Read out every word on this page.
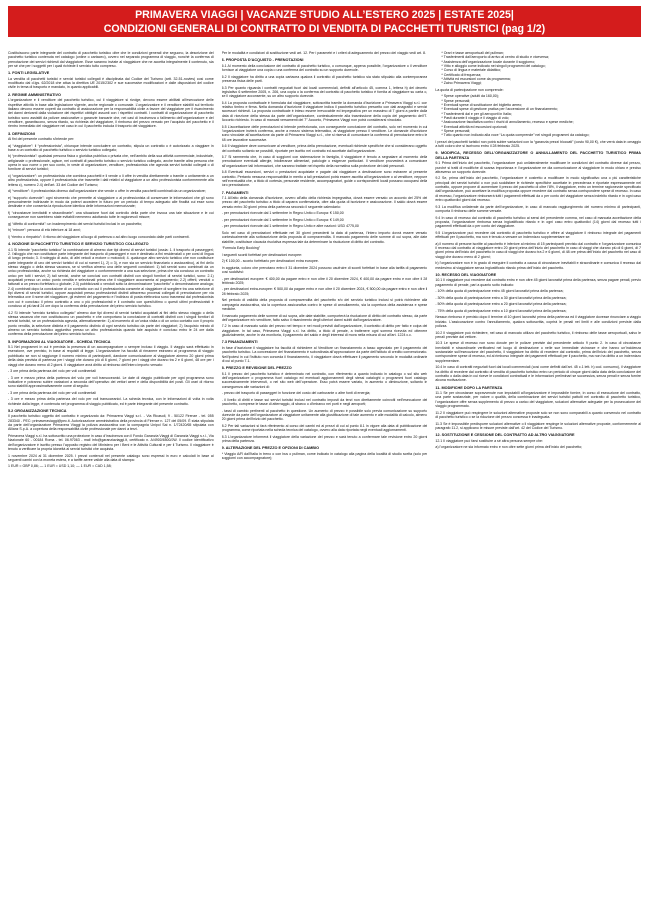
PRIMAVERA VIAGGI | VACANZE STUDIO ALL’ESTERO 2025 | ESTATE 2025|
CONDIZIONI GENERALI DI CONTRATTO DI VENDITA DI PACCHETTI TURISTICI (pag 1/2)

Costituiscono parte integrante del contratto di pacchetto turistico oltre che le condizioni generali che seguono, la descrizione del pacchetto turistico contenuta nel catalogo (online o cartaceo), ovvero nel separato programma di viaggio, nonché la conferma di prenotazione dei servizi richiesti dal viaggiatore. Esse saranno inviate al viaggiatore che ne accetta integralmente il contenuto, sia per sé che per i soggetti per i quali richiede il servizio tutto compreso.

1. FONTI LEGISLATIVE

La vendita di pacchetti turistici e servizi turistici collegati è disciplinata dal Codice del Turismo (artt. 32-51-novies) così come modificato dal d.lgs. 62/2018 che attua la direttiva UE 2015/2302 e sue successive modificazioni e dalle disposizioni del codice civile in tema di trasporto e mandato, in quanto applicabili.

2. REGIME AMMINISTRATIVO

L’organizzatore e il venditore del pacchetto turistico, cui il viaggiatore si rivolge, devono essere abilitati all’esecuzione delle rispettive attività in base alla legislazione vigente, anche regionale o comunale. L’organizzatore e il venditore stabiliti sul territorio italiano devono essere coperti da contratto di assicurazione per la responsabilità civile a favore del viaggiatore per il risarcimento dei danni derivanti dalla violazione dei rispettivi obblighi assunti con i rispettivi contratti. I contratti di organizzazione di pacchetto turistico sono assistiti da polizze assicurative o garanzie bancarie che, nei casi di insolvenza o fallimento dell’organizzatore e del venditore, garantiscono, senza ritardo, su richiesta del viaggiatore, il rimborso del prezzo versato per l’acquisto del pacchetto e il rientro immediato del viaggiatore nel caso in cui il pacchetto includa il trasporto del viaggiatore.

3. DEFINIZIONI

Ai fini del presente contratto s’intende per:

a) “viaggiatore”: il “professionista”, chiunque intende concludere un contratto, stipula un contratto o è autorizzato a viaggiare in base a un contratto di pacchetto turistico o servizio turistico collegato;

b) “professionista”: qualsiasi persona fisica o giuridica pubblica o privata che, nell’ambito della sua attività commerciale, industriale, artigianale o professionale, agisce, nei contratti di pacchetto turistico o servizio turistico collegato, anche tramite altra persona che opera in suo nome o per suo conto, in veste di organizzatore, venditore, professionista che agevola servizi turistici collegati o di fornitore di servizi turistici;

c) “organizzatore”: un professionista che combina pacchetti e li vende o li offre in vendita direttamente o tramite o unitamente a un altro professionista, oppure il professionista che trasmette i dati relativi al viaggiatore a un altro professionista conformemente alla lettera c), numero 2.4) dell’art. 33 del Codice del Turismo;

d) “venditore”: il professionista diverso dall’organizzatore che vende o offre in vendita pacchetti combinati da un organizzatore;

e) “supporto durevole”: ogni strumento che permette al viaggiatore o al professionista di conservare le informazioni che gli sono personalmente indirizzate in modo da potervi accedere in futuro per un periodo di tempo adeguato alle finalità cui esse sono destinate e che consenta la riproduzione identica delle informazioni memorizzate;

f) “circostanze inevitabili e straordinarie”: una situazione fuori dal controllo della parte che invoca una tale situazione e le cui conseguenze non sarebbero state evitabili nemmeno adottando tutte le ragionevoli misure;

g) “difetto di conformità”: un inadempimento dei servizi turistici inclusi in un pacchetto;

h) “minore”: persona di età inferiore ai 18 anni;

i) “rientro o rimpatrio”: il ritorno del viaggiatore al luogo di partenza o ad altro luogo concordato dalle parti contraenti.

4. NOZIONE DI PACCHETTO TURISTICO E SERVIZIO TURISTICO COLLEGATO

4.1 Si intende “pacchetto turistico” la combinazione di almeno due tipi diversi di servizi turistici (ossia: 1. il trasporto di passeggeri; 2. l’alloggio che non costituisce parte integrante del trasporto di passeggeri e non è destinato a fini residenziali o per corsi di lingua di lungo periodo; 3. il noleggio di auto, di altri veicoli a motore o motocicli; 4. qualunque altro servizio turistico che non costituisce parte integrante di uno dei servizi turistici di cui ai numeri 1), 2) o 3), e non sia un servizio finanziario o assicurativo), ai fini dello stesso viaggio o della stessa vacanza, se si verifica almeno una delle seguenti condizioni: 1) tali servizi sono combinati da un unico professionista, anche su richiesta del viaggiatore o conformemente a una sua selezione, prima che sia concluso un contratto unico per tutti i servizi; 2) tali servizi, anche se conclusi con contratti distinti con singoli fornitori di servizi turistici, sono: 2.1) acquistati presso un unico punto vendita e selezionati prima che il viaggiatore acconsenta al pagamento; 2.2) offerti, venduti o fatturati a un prezzo forfettario o globale; 2.3) pubblicizzati o venduti sotto la denominazione “pacchetto” o denominazione analoga; 2.4) combinati dopo la conclusione di un contratto con cui il professionista consente al viaggiatore di scegliere tra una selezione di tipi diversi di servizi turistici, oppure acquistati presso professionisti distinti attraverso processi collegati di prenotazione per via telematica ove il nome del viaggiatore, gli estremi del pagamento e l’indirizzo di posta elettronica sono trasmessi dal professionista con cui è concluso il primo contratto a uno o più professionisti e il contratto con quest’ultimo o questi ultimi professionisti è concluso al più tardi 24 ore dopo la conferma della prenotazione del primo servizio turistico.

4.2 Si intende “servizio turistico collegato” almeno due tipi diversi di servizi turistici acquistati ai fini dello stesso viaggio o della stessa vacanza che non costituiscono un pacchetto e che comportano la conclusione di contratti distinti con i singoli fornitori di servizi turistici, se un professionista agevola, alternativamente: 1) al momento di un’unica visita o di un unico contatto con il proprio punto vendita, la selezione distinta e il pagamento distinto di ogni servizio turistico da parte dei viaggiatori; 2) l’acquisto mirato di almeno un servizio turistico aggiuntivo presso un altro professionista quando tale acquisto è concluso entro le 24 ore dalla conferma della prenotazione del primo servizio turistico.

5. INFORMAZIONI AL VIAGGIATORE - SCHEDA TECNICA

5.1 Nei programmi in cui è prevista la presenza di un accompagnatore o sempre incluso il viaggio. Il viaggio sarà effettuato in esenzione, ove previsto, in base ai requisiti di legge. L’organizzatore ha facoltà di rimanere estraneo al programma di viaggio pubblicato se non si raggiunge il numero minimo di partecipanti, dandone comunicazione al viaggiatore almeno 20 giorni prima della data prevista di partenza per i viaggi che durano più di 6 giorni, 7 giorni per i viaggi che durano tra 2 e 6 giorni, 48 ore per i viaggi che durano meno di 2 giorni. Il viaggiatore avrà diritto al rimborso dell’intero importo versato:

- 3 ore prima della partenza del volo per voli continentali

- 3 ore e mezzo prima della partenza del volo per voli transoceanici. Le date di viaggio pubblicate per ogni programma sono indicative e potranno subire variazioni a seconda dell’operativo dei vettori aerei e della disponibilità dei posti. Gli orari di ritorno sono stabiliti approssimativamente come di seguito:

- 3 ore prima della partenza del volo per voli continentali

- 3 ore e mezzo prima della partenza del volo per voli transoceanici. La scheda tecnica, con le informazioni di volta in volta richieste dalla legge, è contenuta nel programma di viaggio pubblicato, ed è parte integrante del presente contratto.

5.2 ORGANIZZAZIONE TECNICA

Il pacchetto turistico oggetto del contratto è organizzato da: Primavera Viaggi s.r.l. - Via Ricasoli, 9 - 50122 Firenze - tel. 055 283340 - PEC: primaveraviaggi@pec.it. Autorizzazione amministrativa della provincia di Firenze n. 127 del 05/09. È stata stipulata da parte dell’organizzatore Primavera Viaggi la polizza assicurativa con la compagnia Unipol Sai n. 1/72420/65 stipulata con Allianz S.p.A. a copertura della responsabilità civile professionale per danni a terzi.

Primavera Viaggi s.r.l. ha sottoscritto una protezione in caso d’insolvenza con il Fondo Garanzia Viaggi di Garanzia Viaggi s.r.l., Via Nazionale 60 - 00184 Roma - tel. 06.97063 - mail info@garanziaviaggi.it, certificato n. A/4900/6500/JW. Il codice identificativo dell’organizzatore è iscritto presso l’apposito registro del Ministero per i Beni e le Attività Culturali e per il Turismo. Il viaggiatore è tenuto a verificare la propria idoneità ai servizi turistici che acquista.

1 novembre 2024 al 31 dicembre 2025. I prezzi contenuti nel presente catalogo sono espressi in euro e calcolati in base ai seguenti cambi con la moneta estera, e a tariffe aeree valide alla data di stampa:

1 EUR = GBP 0,86; — 1 EUR = USD 1,10; — 1 EUR = CAD 1,58;

Per le modalità e condizioni di sostituzione vedi art. 12. Per i parametri e i criteri di adeguamento del prezzo del viaggio vedi art. 8.

6. PROPOSTA D’ACQUISTO - PRENOTAZIONI

6.1 Al momento della conclusione del contratto di pacchetto turistico, o comunque, appena possibile, l’organizzatore o il venditore fornisce al viaggiatore una copia o una conferma del contratto su un supporto durevole.

6.2 Il viaggiatore ha diritto a una copia cartacea qualora il contratto di pacchetto turistico sia stato stipulato alla contemporanea presenza fisica delle parti.

6.3 Per quanto riguarda i contratti negoziati fuori dai locali commerciali, definiti all’articolo 45, comma 1, lettera h) del decreto legislativo 6 settembre 2005, n. 206, una copia o la conferma del contratto di pacchetto turistico è fornita al viaggiatore su carta o, se il viaggiatore acconsente, su un altro supporto durevole.

6.4 La proposta contrattuale è formulata dal viaggiatore, sottoscritta tramite la domanda d’iscrizione a Primavera Viaggi s.r.l. con relativo timbro e firma. Nella domanda d’iscrizione il viaggiatore indica il pacchetto turistico prescelto con dati anagrafici e servizi accessori richiesti. La proposta contrattuale è inteso essere irrevocabile ed impegnativa per un massimo di 7 giorni a partire dalla data di ricezione della stessa da parte dell’organizzatore, contestualmente alla trasmissione della copia del pagamento dell’7. Acconto richiesto. In caso di mancati versamenti del 7° Acconto, Primavera Viaggi non potrà considerarsi vincolato.

6.5 L’accettazione delle prenotazioni si intende perfezionata, con conseguente conclusione del contratto, solo nel momento in cui l’organizzatore invierà conferma, anche a mezzo sistema telematico, al viaggiatore presso il venditore. Le domande d’iscrizione sono vincolate all’accettazione da parte di Primavera Viaggi s.r.l., che si riserva di comunicare la conferma di prenotazione entro le 48 ore lavorative successive.

6.6 Il viaggiatore deve comunicare al venditore, prima della prenotazione, eventuali richieste specifiche che si considerano oggetto del contratto soltanto se possibili, riportate per iscritto nel contratto ed accettate dall’organizzatore.

6.7 Si rammenta che, in caso di soggiorni con sistemazione in famiglia, il viaggiatore è tenuto a segnalare al momento della prenotazione eventuali allergie, intolleranze alimentari, patologie o esigenze particolari. Il venditore provvederà a comunicare all’organizzatore tali informazioni, che saranno trattate nel rispetto della normativa sulla protezione dei dati personali.

6.8 Eventuali escursioni, servizi o prestazioni acquistate e pagate dal viaggiatore a destinazione sono estranee al presente contratto. Pertanto nessuna responsabilità in merito a tali prestazioni potrà essere ascritta all’organizzatore o al venditore, neppure nell’eventualità che, a titolo di cortesia, personale residente, accompagnatori, guide o corrispondenti locali possano occuparsi della loro prenotazione.

7. PAGAMENTI

7.1 All’atto della domanda d’iscrizione, ovvero all’atto della richiesta impegnativa, dovrà essere versato un acconto del 25% del prezzo del pacchetto turistico a titolo di caparra confirmatoria, oltre alla quota di iscrizione e assicurazione. Il saldo dovrà essere versato entro 30 giorni prima della partenza secondo il seguente calendario:

- per prenotazioni ricevute dal 1 settembre in Regno Unito o Europa: € 150,00

- per prenotazioni ricevute dal 1 settembre in Regno Unito o Europa: € 149,00

- per prenotazioni ricevute dal 1 settembre in Regno Unito e altre nazioni: USD 4775,00

Solo nel caso di prenotazioni effettuate nei 30 giorni precedenti la data di partenza, l’intero importo dovrà essere versato contestualmente alla sottoscrizione della proposta di compravendita. Il mancato pagamento delle somme di cui sopra, alle date stabilite, costituisce clausola risolutiva espressa tale da determinare la risoluzione di diritto del contratto.

“Formula Early Booking”

I seguenti sconti forfettari per destinazioni europee:

2) € 100,00 - sconto forfettario per destinazioni extra europee.

In aggiunta, coloro che prenotano entro il 31 dicembre 2024 possono usufruire di sconti forfettari in base alla tariffa di pagamento così suddivisi:

- per destinazioni europee: € 400,00 da pagare entro e non oltre il 20 dicembre 2024, € 400,00 da pagare entro e non oltre il 28 febbraio 2025;

- per destinazioni extra-europee: € 500,00 da pagare entro e non oltre il 20 dicembre 2024, € 500,00 da pagare entro e non oltre il 28 febbraio 2025;

Nel periodo di validità della proposta di compravendita del pacchetto e/o del servizio turistico inclusi si potrà richiedere alla compagnia assicurativa, sia la copertura assicurativa contro le spese di annullamento, sia la copertura della assistenza e spese mediche.

Il mancato pagamento delle somme di cui sopra, alle date stabilite, comporterà la risoluzione di diritto del contratto stesso, da parte dell’organizzatore e/o venditore, fatto salvo il risarcimento degli ulteriori danni subiti dall’organizzatore.

7.2 In caso di mancato saldo del prezzo nel tempo e nei modi previsti dall’organizzatore, il contratto di diritto per fatto e colpa del viaggiatore. In tal caso, Primavera Viaggi s.r.l. ha diritto, a titolo di penale, a trattenere ogni somma ricevuta ed ottenere giudizialmente, anche in via monitoria, il pagamento del saldo e degli interessi di mora nella misura di cui all’art. 1224 c.c.

7.3 FINANZIAMENTI

In fase d’iscrizione il viaggiatore ha facoltà di richiedere al Venditore un finanziamento a tasso agevolato per il pagamento del pacchetto turistico. La concessione del finanziamento è subordinata all’approvazione da parte dell’istituto di credito convenzionato. Nell’ipotesi in cui l’istituto non conceda il finanziamento, il viaggiatore dovrà effettuare il pagamento secondo le modalità ordinarie di cui al punto 7.1.

8. PREZZO E REVISIONE DEL PREZZO

8.1 Il prezzo del pacchetto turistico è determinato nel contratto, con riferimento a quanto indicato in catalogo o sul sito web dell’organizzatore o programma fuori catalogo ed eventuali aggiornamenti degli stessi cataloghi o programmi fuori catalogo successivamente intervenuti, o nel sito web dell’operatore. Esso potrà essere variato, in aumento o diminuzione, soltanto in conseguenza alle variazioni di:

- prezzo del trasporto di passeggeri in funzione del costo del carburante o altre fonti di energia;

- il livello di diritti e tasse sui servizi turistici inclusi nel contratto imposti da terzi non direttamente coinvolti nell’esecuzione del pacchetto, comprese le tasse di atterraggio, di sbarco o d’imbarco nei porti e negli aeroporti;

- tassi di cambio pertinenti al pacchetto in questione. Un aumento di prezzo è possibile solo previa comunicazione su supporto durevole da parte dell’organizzatore al viaggiatore unitamente alla giustificazione di tale aumento e alle modalità di calcolo, almeno 20 giorni prima dell’inizio del pacchetto.

8.2 Per tali variazioni si farà riferimento al corso dei cambi ed ai prezzi di cui al punto 8.1 in vigore alla data di pubblicazione del programma, come riportata nella scheda tecnica del catalogo, ovvero alla data riportata negli eventuali aggiornamenti.

8.3 L’organizzatore informerà il viaggiatore della variazione del prezzo e sarà tenuto a confermare tale revisione entro 20 giorni prima della partenza.

9. ALTERAZIONE DEL PREZZO E OPZIONI DI CAMBIO

* Viaggio A/R dall’Italia in treno o con bus o pullman, come indicato in catalogo alla pagina della località di studio scelta (solo per soggiorni con accompagnatore);

* Orari e tasse aeroportuali del pullman;
* Trasferimenti dall’aeroporto di arrivo al centro di studio e viceversa;
* Assistenza dell’organizzazione locale durante il soggiorno;
* Vitto e alloggio come indicato nei singoli programmi del catalogo;
* Corso di lingua e materiale didattico;
* Certificato di frequenza;
* Attività ed escursioni come da programma;
* Zaino Primavera Viaggi;

La quota di partecipazione non comprende:

* Spese operative (adulti da 160,00);
* Spese personali;
* Eventuali spese di sostituzione del biglietto aereo;
* Eventuali spese di gestione pratica per l’accensione di un finanziamento;
* Trasferimenti dal e per gli aeroporti in Italia;
* Pasti durante il viaggio e il viaggio di volo;
* Assicurazione facoltativa contro i rischi di annullamento, recesso e spese mediche;
* Eventuali attività ed escursioni opzionali;
* Spese personali;
* Tutto quanto non indicato alla voce “La quota comprende” nei singoli programmi da catalogo;

I prezzi dei pacchetti turistici non potrà subire variazioni con la “garanzia prezzi bloccati” (costo 90,00 €), che verrà data in omaggio a tutti coloro che si iscrivono entro il 28 febbraio 2025.

9. MODIFICA, RECESSO DELL’ORGANIZZATORE O ANNULLAMENTO DEL PACCHETTO TURISTICO PRIMA DELLA PARTENZA

9.1 Prima dell’inizio del pacchetto, l’organizzatore può unilateralmente modificare le condizioni del contratto diverse dal prezzo, purché si tratti di modifiche di scarsa importanza e l’organizzatore ne dia comunicazione al viaggiatore in modo chiaro e preciso attraverso un supporto durevole.

9.2 Se, prima dell’inizio del pacchetto, l’organizzatore è costretto a modificare in modo significativo una o più caratteristiche principali dei servizi turistici o non può soddisfare le richieste specifiche accettate in precedenza e riportate espressamente nel contratto, oppure propone di aumentare il prezzo del pacchetto di oltre l’8%, il viaggiatore, entro un termine ragionevole specificato dall’organizzatore, può accettare la modifica proposta oppure recedere dal contratto senza corrispondere spese di recesso. In caso di recesso, l’organizzatore rimborserà tutti i pagamenti effettuati da o per conto del viaggiatore senza indebito ritardo e in ogni caso entro quattordici giorni dal recesso.

9.3 La modifica unilaterale da parte dell’organizzatore, in caso di mancato raggiungimento del numero minimo di partecipanti, comporta il rimborso delle somme versate.

9.4 In caso di recesso dal contratto di pacchetto turistico ai sensi del precedente comma, nel caso di mancata accettazione della proposta, l’organizzatore rimborsa senza ingiustificato ritardo e in ogni caso entro quattordici (14) giorni dal recesso tutti i pagamenti effettuati da o per conto del viaggiatore.

9.5 L’organizzatore può recedere dal contratto di pacchetto turistico e offrire al viaggiatore il rimborso integrale dei pagamenti effettuati per il pacchetto, ma non è tenuto a versare un indennizzo supplementare se:

a) il numero di persone iscritte al pacchetto è inferiore al minimo di 15 partecipanti previsto dal contratto e l’organizzatore comunica il recesso dal contratto al viaggiatore entro 20 giorni prima dell’inizio del pacchetto in caso di viaggi che durano più di 6 giorni, di 7 giorni prima dell’inizio del pacchetto in caso di viaggi che durano tra 2 e 6 giorni, di 48 ore prima dell’inizio del pacchetto nel caso di viaggi che durano meno di 2 giorni;

b) l’organizzatore non è in grado di eseguire il contratto a causa di circostanze inevitabili e straordinarie e comunica il recesso dal medesimo al viaggiatore senza ingiustificato ritardo prima dell’inizio del pacchetto.

10. RECESSO DEL VIAGGIATORE

10.1 Il viaggiatore può recedere dal contratto entro e non oltre 45 giorni lavorativi prima della partenza, senza pagare penali, previo pagamento di penale, pari a quanto sotto indicato:

- 10% della quota di partecipazione entro 45 giorni lavorativi prima della partenza;

- 30% della quota di partecipazione entro a 30 giorni lavorativi prima della partenza;

- 50% della quota di partecipazione entro a 20 giorni lavorativi prima della partenza;

- 75% della quota di partecipazione entro a 10 giorni lavorativi prima della partenza;

Nessun rimborso è previsto dopo il termine di 10 giorni lavorativi prima della partenza ed il viaggiatore dovesse rinunciare a viaggio iniziato. L’assicurazione contro l’annullamento, qualora sottoscritta, coprirà le penali nei limiti e alle condizioni previste dalla polizza.

10.2 Il viaggiatore può richiedere, nel caso di mancato utilizzo del pacchetto turistico, il rimborso delle tasse aeroportuali, salvo le penali previste dal vettore.

10.3 Le spese di recesso non sono dovute per le polizze previste dal precedente articolo 9 punto 2. In caso di circostanze inevitabili e straordinarie verificatesi nel luogo di destinazione o nelle sue immediate vicinanze e che hanno un’incidenza sostanziale sull’esecuzione del pacchetto, il viaggiatore ha diritto di recedere dal contratto, prima dell’inizio del pacchetto, senza corrispondere spese di recesso, ed al rimborso integrale dei pagamenti effettuati per il pacchetto, ma non ha diritto a un indennizzo supplementare.

10.4 In caso di contratti negoziati fuori dai locali commerciali (così come definiti dall’art. 45 c.1 lett. h) cod. consumo), il viaggiatore ha diritto di recedere dal contratto di vendita di pacchetto turistico entro un periodo di cinque giorni dalla data della conclusione del contratto o dalla data in cui riceve le condizioni contrattuali e le informazioni preliminari se successiva, senza penali e senza fornire alcuna motivazione.

11. MODIFICHE DOPO LA PARTENZA

11.1 Se per circostanze sopravvenute non imputabili all’organizzatore è impossibile fornire, in corso di esecuzione del contratto, una parte sostanziale, per valore o qualità, della combinazione dei servizi turistici pattuiti nel contratto di pacchetto turistico, l’organizzatore offre senza supplemento di prezzo a carico del viaggiatore, soluzioni alternative adeguate per la prosecuzione del viaggio programmato.

11.2 Il viaggiatore può respingere le soluzioni alternative proposte solo se non sono comparabili a quanto convenuto nel contratto di pacchetto turistico o se la riduzione del prezzo concessa è inadeguata.

11.3 Se è impossibile predisporre soluzioni alternative o il viaggiatore respinge le soluzioni alternative proposte, conformemente al paragrafo 11.2, si applicano le misure previste dall’art. 42 del Codice del Turismo.

12. SOSTITUZIONE E CESSIONE DEL CONTRATTO AD ALTRO VIAGGIATORE

12.1 Il viaggiatore può farsi sostituire a sé altra persona sempre che:

a) l’organizzatore ne sia informato entro e non oltre sette giorni prima dell’inizio del pacchetto;
